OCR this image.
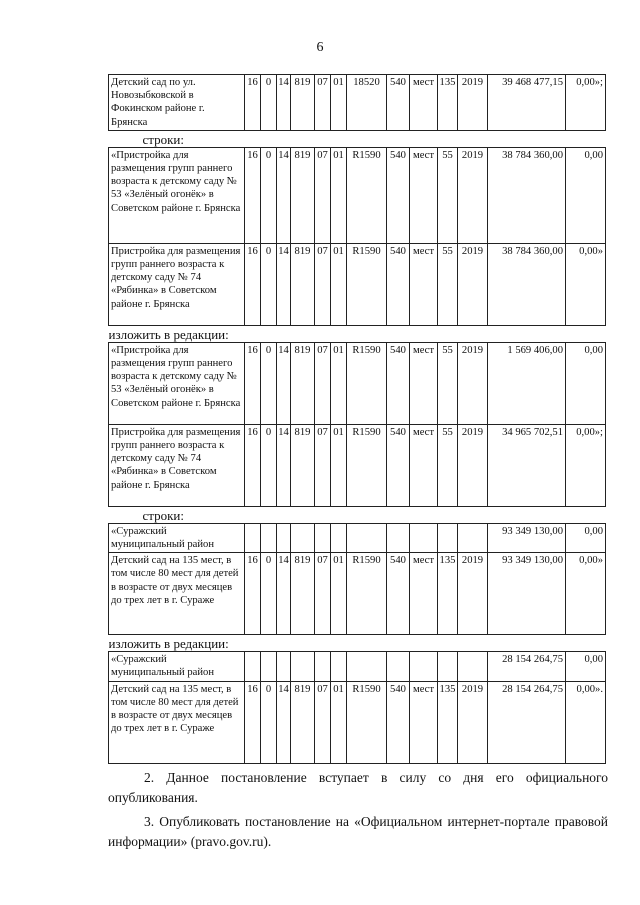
6
Детский сад по ул. Новозыбковской в Фокинском районе г. Брянска	16	0	14	819	07	01	18520	540	мест	135	2019	39 468 477,15	0,00»;
строки:													
«Пристройка для размещения групп раннего возраста к детскому саду № 53 «Зелёный огонёк» в Советском районе г. Брянска	16	0	14	819	07	01	R1590	540	мест	55	2019	38 784 360,00	0,00
Пристройка для размещения групп раннего возраста к детскому саду № 74 «Рябинка» в Советском районе г. Брянска	16	0	14	819	07	01	R1590	540	мест	55	2019	38 784 360,00	0,00»
изложить в редакции:													
«Пристройка для размещения групп раннего возраста к детскому саду № 53 «Зелёный огонёк» в Советском районе г. Брянска	16	0	14	819	07	01	R1590	540	мест	55	2019	1 569 406,00	0,00
Пристройка для размещения групп раннего возраста к детскому саду № 74 «Рябинка» в Советском районе г. Брянска	16	0	14	819	07	01	R1590	540	мест	55	2019	34 965 702,51	0,00»;
строки:													
«Суражский муниципальный район												93 349 130,00	0,00
Детский сад на 135 мест, в том числе 80 мест для детей в возрасте от двух месяцев до трех лет в г. Сураже	16	0	14	819	07	01	R1590	540	мест	135	2019	93 349 130,00	0,00»
изложить в редакции:													
«Суражский муниципальный район												28 154 264,75	0,00
Детский сад на 135 мест, в том числе 80 мест для детей в возрасте от двух месяцев до трех лет в г. Сураже	16	0	14	819	07	01	R1590	540	мест	135	2019	28 154 264,75	0,00».

2. Данное постановление вступает в силу со дня его официального опубликования.

3. Опубликовать постановление на «Официальном интернет-портале правовой информации» (pravo.gov.ru).
